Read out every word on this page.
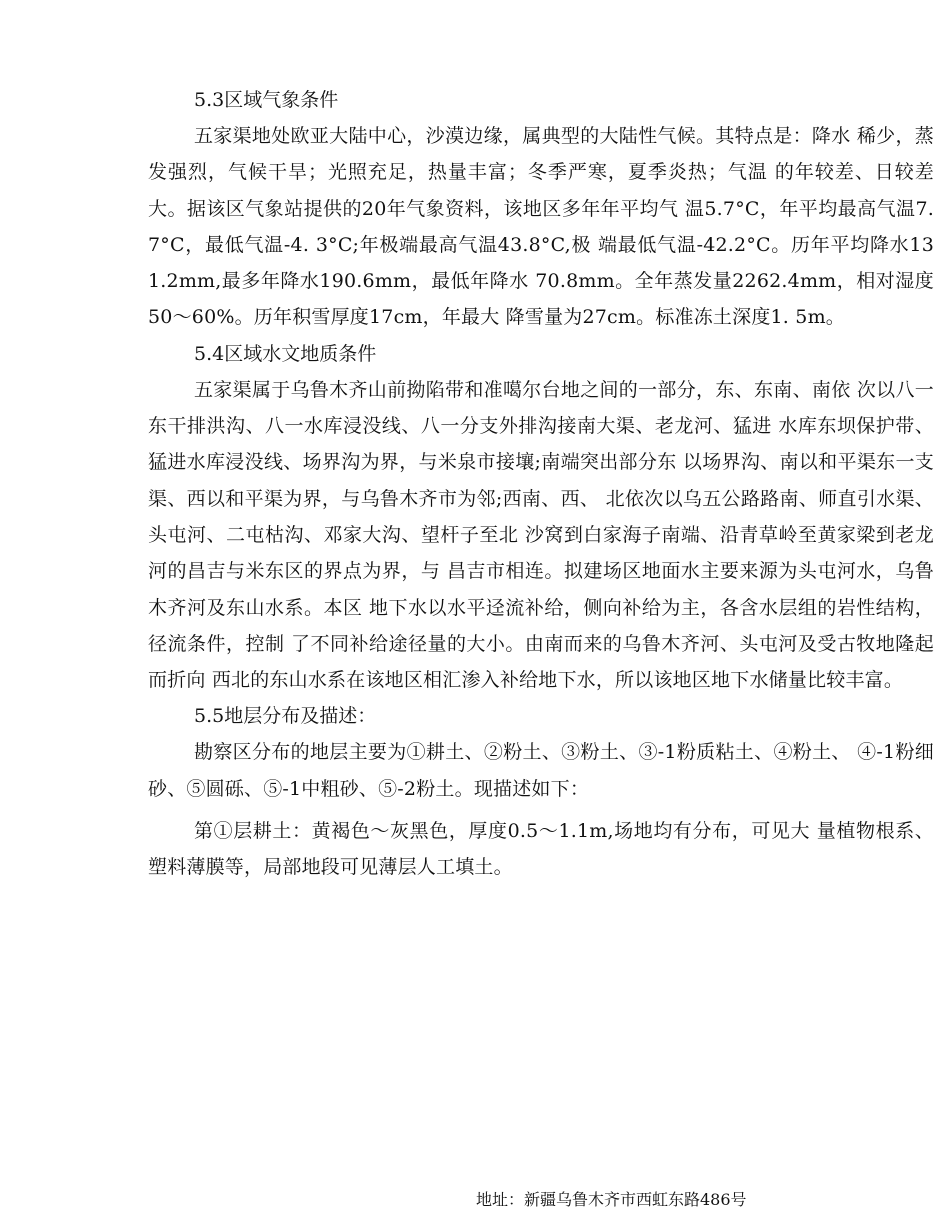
5.3区域气象条件

五家渠地处欧亚大陆中心，沙漠边缘，属典型的大陆性气候。其特点是：降水 稀少，蒸发强烈，气候干旱；光照充足，热量丰富；冬季严寒，夏季炎热；气温 的年较差、日较差大。据该区气象站提供的20年气象资料，该地区多年年平均气 温5.7°C，年平均最高气温7.7°C，最低气温-4. 3°C;年极端最高气温43.8°C,极 端最低气温-42.2°C。历年平均降水131.2mm,最多年降水190.6mm，最低年降水 70.8mm。全年蒸发量2262.4mm，相对湿度50〜60%。历年积雪厚度17cm，年最大 降雪量为27cm。标准冻土深度1. 5m。

5.4区域水文地质条件

五家渠属于乌鲁木齐山前拗陷带和准噶尔台地之间的一部分，东、东南、南依 次以八一东干排洪沟、八一水库浸没线、八一分支外排沟接南大渠、老龙河、猛进 水库东坝保护带、猛进水库浸没线、场界沟为界，与米泉市接壤;南端突出部分东 以场界沟、南以和平渠东一支渠、西以和平渠为界，与乌鲁木齐市为邻;西南、西、 北依次以乌五公路路南、师直引水渠、头屯河、二屯枯沟、邓家大沟、望杆子至北 沙窝到白家海子南端、沿青草岭至黄家梁到老龙河的昌吉与米东区的界点为界，与 昌吉市相连。拟建场区地面水主要来源为头屯河水，乌鲁木齐河及东山水系。本区 地下水以水平迳流补给，侧向补给为主，各含水层组的岩性结构，径流条件，控制 了不同补给途径量的大小。由南而来的乌鲁木齐河、头屯河及受古牧地隆起而折向 西北的东山水系在该地区相汇渗入补给地下水，所以该地区地下水储量比较丰富。

5.5地层分布及描述：

勘察区分布的地层主要为①耕土、②粉土、③粉土、③-1粉质粘土、④粉土、 ④-1粉细砂、⑤圆砾、⑤-1中粗砂、⑤-2粉土。现描述如下：

第①层耕土：黄褐色〜灰黑色，厚度0.5〜1.1m,场地均有分布，可见大 量植物根系、塑料薄膜等，局部地段可见薄层人工填土。

地址：新疆乌鲁木齐市西虹东路486号
